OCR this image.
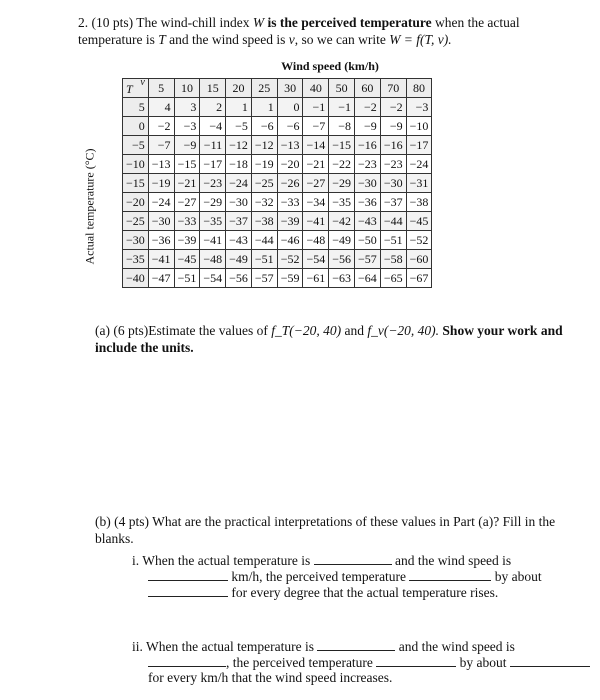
2. (10 pts) The wind-chill index W is the perceived temperature when the actual temperature is T and the wind speed is v, so we can write W = f(T, v).
Wind speed (km/h)
Actual temperature (°C)
v
T	5	10	15	20	25	30	40	50	60	70	80
5	4	3	2	1	1	0	−1	−1	−2	−2	−3
0	−2	−3	−4	−5	−6	−6	−7	−8	−9	−9	−10
−5	−7	−9	−11	−12	−12	−13	−14	−15	−16	−16	−17
−10	−13	−15	−17	−18	−19	−20	−21	−22	−23	−23	−24
−15	−19	−21	−23	−24	−25	−26	−27	−29	−30	−30	−31
−20	−24	−27	−29	−30	−32	−33	−34	−35	−36	−37	−38
−25	−30	−33	−35	−37	−38	−39	−41	−42	−43	−44	−45
−30	−36	−39	−41	−43	−44	−46	−48	−49	−50	−51	−52
−35	−41	−45	−48	−49	−51	−52	−54	−56	−57	−58	−60
−40	−47	−51	−54	−56	−57	−59	−61	−63	−64	−65	−67
(a) (6 pts)Estimate the values of f_T(−20, 40) and f_v(−20, 40). Show your work and include the units.
(b) (4 pts) What are the practical interpretations of these values in Part (a)? Fill in the blanks.
i. When the actual temperature is	and the wind speed is
km/h, the perceived temperature	by about
for every degree that the actual temperature rises.
ii. When the actual temperature is	and the wind speed is
, the perceived temperature	by about
for every km/h that the wind speed increases.
